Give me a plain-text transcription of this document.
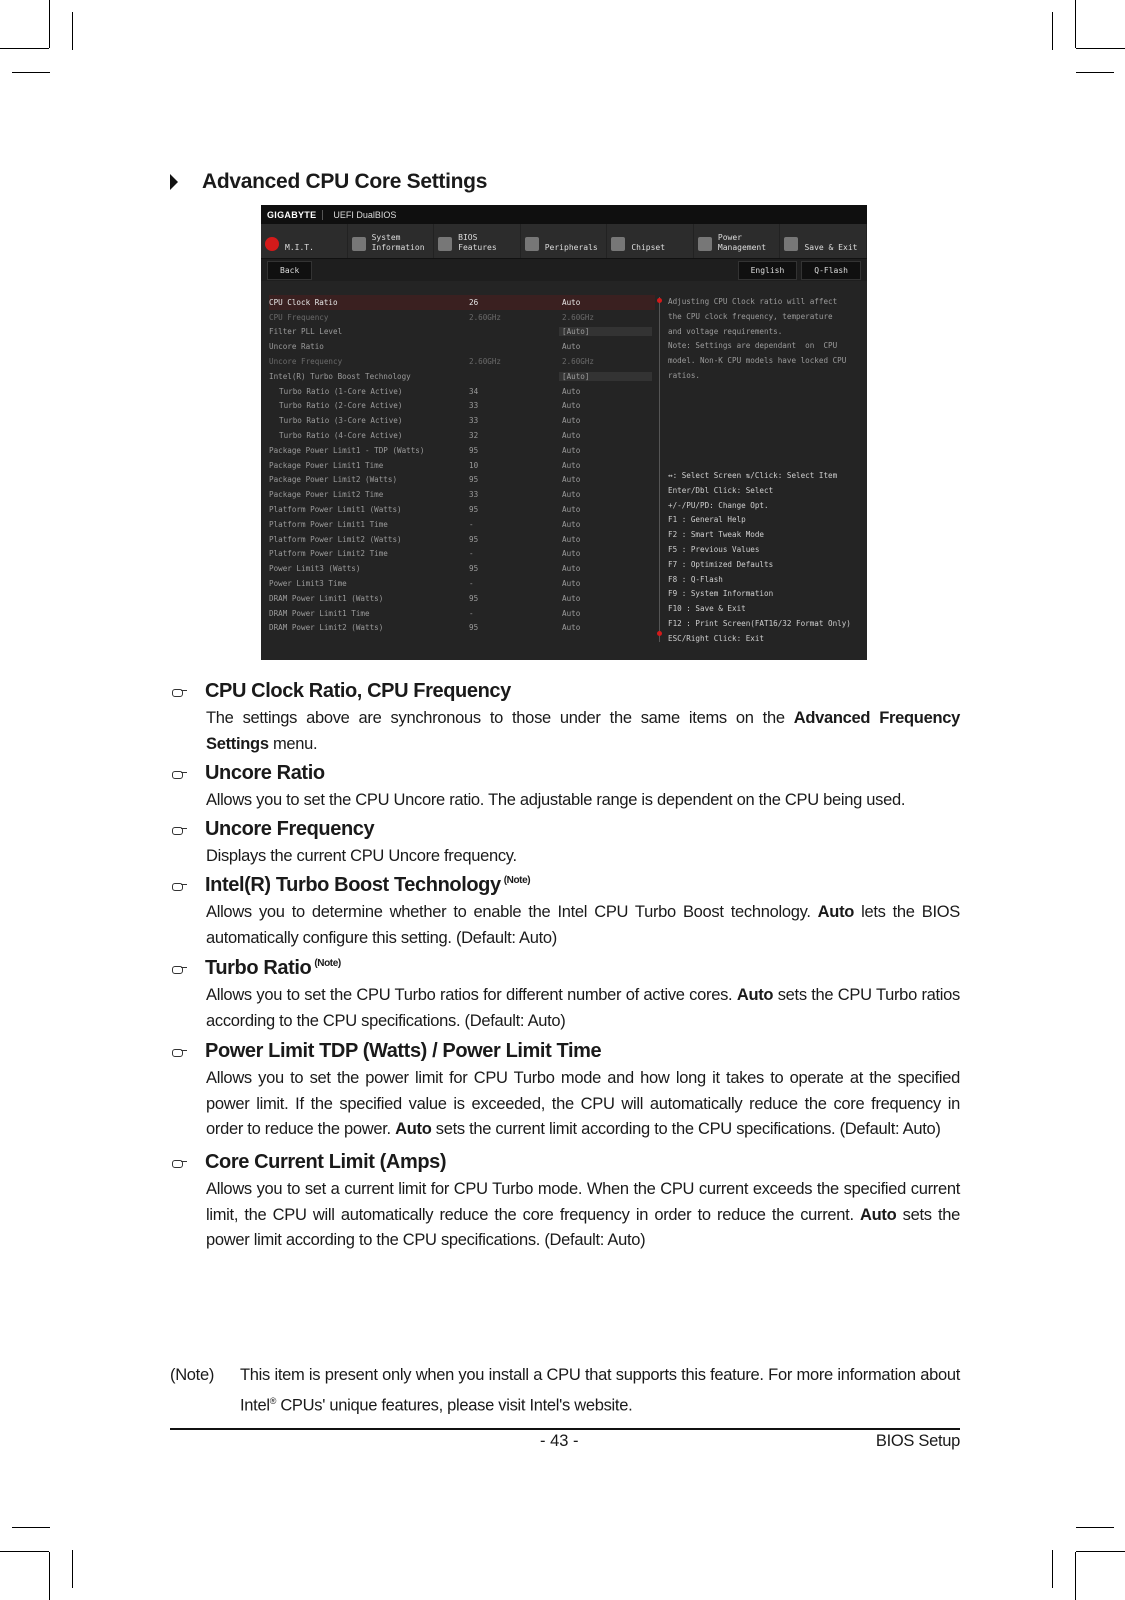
Advanced CPU Core Settings
GIGABYTE	UEFI DualBIOS

M.I.T.
System
Information
BIOS
Features	Peripherals	Chipset
Power
Management	Save & Exit
Back	English	Q-Flash
CPU Clock Ratio	26	Auto
CPU Frequency	2.60GHz	2.60GHz
Filter PLL Level	[Auto]
Uncore Ratio	Auto
Uncore Frequency	2.60GHz	2.60GHz
Intel(R) Turbo Boost Technology	[Auto]
Turbo Ratio (1-Core Active)	34	Auto
Turbo Ratio (2-Core Active)	33	Auto
Turbo Ratio (3-Core Active)	33	Auto
Turbo Ratio (4-Core Active)	32	Auto
Package Power Limit1 - TDP (Watts)	95	Auto
Package Power Limit1 Time	10	Auto
Package Power Limit2 (Watts)	95	Auto
Package Power Limit2 Time	33	Auto
Platform Power Limit1 (Watts)	95	Auto
Platform Power Limit1 Time	-	Auto
Platform Power Limit2 (Watts)	95	Auto
Platform Power Limit2 Time	-	Auto
Power Limit3 (Watts)	95	Auto
Power Limit3 Time	-	Auto
DRAM Power Limit1 (Watts)	95	Auto
DRAM Power Limit1 Time	-	Auto
DRAM Power Limit2 (Watts)	95	Auto
Adjusting CPU Clock ratio will affect
the CPU clock frequency, temperature
and voltage requirements.
Note: Settings are dependant  on  CPU
model. Non-K CPU models have locked CPU
ratios.
↔: Select Screen ⇅/Click: Select Item
Enter/Dbl Click: Select
+/-/PU/PD: Change Opt.
F1 : General Help
F2 : Smart Tweak Mode
F5 : Previous Values
F7 : Optimized Defaults
F8 : Q-Flash
F9 : System Information
F10 : Save & Exit
F12 : Print Screen(FAT16/32 Format Only)
ESC/Right Click: Exit
CPU Clock Ratio, CPU Frequency
The settings above are synchronous to those under the same items on the Advanced Frequency Settings menu.
Uncore Ratio
Allows you to set the CPU Uncore ratio. The adjustable range is dependent on the CPU being used.
Uncore Frequency
Displays the current CPU Uncore frequency.
Intel(R) Turbo Boost Technology $^{(Note)}$
Allows you to determine whether to enable the Intel CPU Turbo Boost technology. Auto lets the BIOS automatically configure this setting. (Default: Auto)
Turbo Ratio $^{(Note)}$
Allows you to set the CPU Turbo ratios for different number of active cores. Auto sets the CPU Turbo ratios according to the CPU specifications. (Default: Auto)
Power Limit TDP (Watts) / Power Limit Time
Allows you to set the power limit for CPU Turbo mode and how long it takes to operate at the specified power limit. If the specified value is exceeded, the CPU will automatically reduce the core frequency in order to reduce the power. Auto sets the current limit according to the CPU specifications. (Default: Auto)
Core Current Limit (Amps)
Allows you to set a current limit for CPU Turbo mode. When the CPU current exceeds the specified current limit, the CPU will automatically reduce the core frequency in order to reduce the current. Auto sets the power limit according to the CPU specifications. (Default: Auto)
(Note)	This item is present only when you install a CPU that supports this feature. For more information about Intel® CPUs' unique features, please visit Intel's website.
- 43 -	BIOS Setup
